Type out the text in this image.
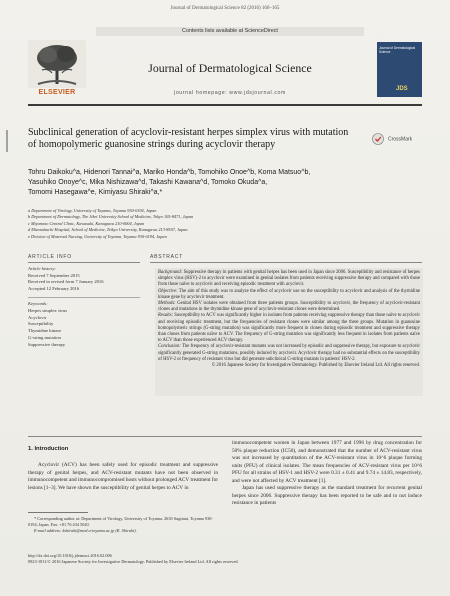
Journal of Dermatological Science 82 (2016) 160–165
Contents lists available at ScienceDirect
ELSEVIER
Journal of Dermatological Science
journal homepage: www.jdsjournal.com
Journal of Dermatological Science
JDS
Subclinical generation of acyclovir-resistant herpes simplex virus with mutation of homopolymeric guanosine strings during acyclovir therapy	CrossMark
Tohru Daikoku^a, Hidenori Tannai^a, Mariko Honda^b, Tomohiko Onoe^b, Koma Matsuo^b,
Yasuhiko Onoye^c, Mika Nishizawa^d, Takashi Kawana^d, Tomoko Okuda^a,
Tomomi Hasegawa^e, Kimiyasu Shiraki^a,*
a Department of Virology, University of Toyama, Toyama 930-0194, Japan
b Department of Dermatology, The Jikei University School of Medicine, Tokyo 105-8471, Japan
c Miyamoto Central Clinic, Kawasaki, Kanagawa 210-0004, Japan
d Mizonokuchi Hospital, School of Medicine, Teikyo University, Kanagawa 213-8507, Japan
e Division of Maternal Nursing, University of Toyama, Toyama 930-0194, Japan
ARTICLE INFO	ABSTRACT
Article history:
Received 7 September 2015
Received in revised form 7 January 2016
Accepted 12 February 2016
Keywords:
Herpes simplex virus
Acyclovir
Susceptibility
Thymidine kinase
G-string mutation
Suppressive therapy
Background: Suppressive therapy in patients with genital herpes has been used in Japan since 2006. Susceptibility and resistance of herpes simplex virus (HSV)-2 to acyclovir were examined in genital isolates from patients receiving suppressive therapy and compared with those from those naïve to acyclovir and receiving episodic treatment with acyclovir.
Objective: The aim of this study was to analyze the effect of acyclovir use on the susceptibility to acyclovir and analysis of the thymidine kinase gene by acyclovir treatment.
Methods: Genital HSV isolates were obtained from three patients groups. Susceptibility to acyclovir, the frequency of acyclovir-resistant clones and mutations in the thymidine kinase gene of acyclovir-resistant clones were determined.
Results: Susceptibility to ACV was significantly higher in isolates from patients receiving suppressive therapy than those naïve to acyclovir and receiving episodic treatment, but the frequencies of resistant clones were similar among the three groups. Mutation in guanosine homopolymeric strings (G-string mutation) was significantly more frequent in clones during episodic treatment and suppressive therapy than clones from patients naïve to ACV. The frequency of G-string mutation was significantly less frequent in isolates from patients naïve to ACV than those experienced ACV therapy.
Conclusion: The frequency of acyclovir-resistant mutants was not increased by episodic and suppressive therapy, but exposure to acyclovir significantly generated G-string mutations, possibly induced by acyclovir. Acyclovir therapy had no substantial effects on the susceptibility of HSV-2 or frequency of resistant virus but did generate subclinical G-string mutants in patients' HSV-2.
© 2016 Japanese Society for Investigative Dermatology. Published by Elsevier Ireland Ltd. All rights reserved.
1. Introduction
Acyclovir (ACV) has been safely used for episodic treatment and suppressive therapy of genital herpes, and ACV-resistant mutants have not been observed in immunocompetent and immunocompromised hosts without prolonged ACV treatment for lesions [1–3]. We have shown the susceptibility of genital herpes to ACV in
immunocompetent women in Japan between 1977 and 1996 by drug concentration for 50% plaque reduction (IC50), and demonstrated that the number of ACV-resistant virus was not increased by quantitation of the ACV-resistant virus in 10^6 plaque forming units (PFU) of clinical isolates. The mean frequencies of ACV-resistant virus per 10^6 PFU for all strains of HSV-1 and HSV-2 were 0.31 ± 0.41 and 9.74 ± 14.83, respectively, and were not affected by ACV treatment [1].
Japan has used suppressive therapy as the standard treatment for recurrent genital herpes since 2006. Suppressive therapy has been reported to be safe and to not induce resistance in patients
* Corresponding author at: Department of Virology, University of Toyama, 2630 Sugitani, Toyama 930-0194, Japan. Fax: +81 76 434 5020.
E-mail address: kshiraki@med.u-toyama.ac.jp (K. Shiraki).
http://dx.doi.org/10.1016/j.jdermsci.2016.02.006
0923-1811/© 2016 Japanese Society for Investigative Dermatology. Published by Elsevier Ireland Ltd. All rights reserved.
